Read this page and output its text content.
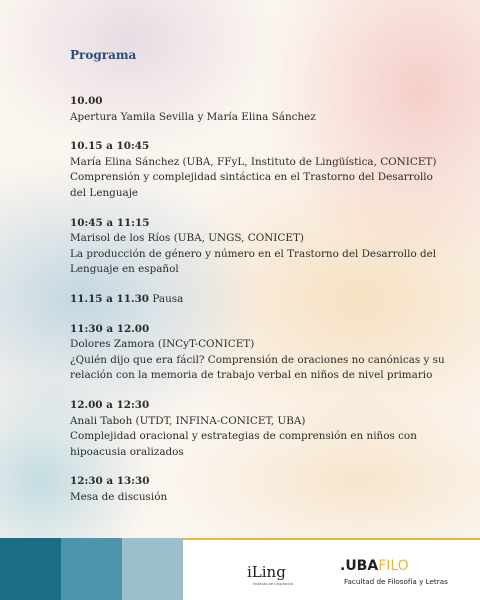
Programa
10.00
Apertura Yamila Sevilla y María Elina Sánchez
10.15 a 10:45
María Elina Sánchez (UBA, FFyL, Instituto de Lingüística, CONICET)
Comprensión y complejidad sintáctica en el Trastorno del Desarrollo
del Lenguaje
10:45 a 11:15
Marisol de los Ríos (UBA, UNGS, CONICET)
La producción de género y número en el Trastorno del Desarrollo del
Lenguaje en español
11.15 a 11.30 Pausa
11:30 a 12.00
Dolores Zamora (INCyT-CONICET)
¿Quién dijo que era fácil? Comprensión de oraciones no canónicas y su
relación con la memoria de trabajo verbal en niños de nivel primario
12.00 a 12:30
Anali Taboh (UTDT, INFINA-CONICET, UBA)
Complejidad oracional y estrategias de comprensión en niños con
hipoacusia oralizados
12:30 a 13:30
Mesa de discusión
iLing
Instituto de Lingüística
.UBAFILO
Facultad de Filosofía y Letras
